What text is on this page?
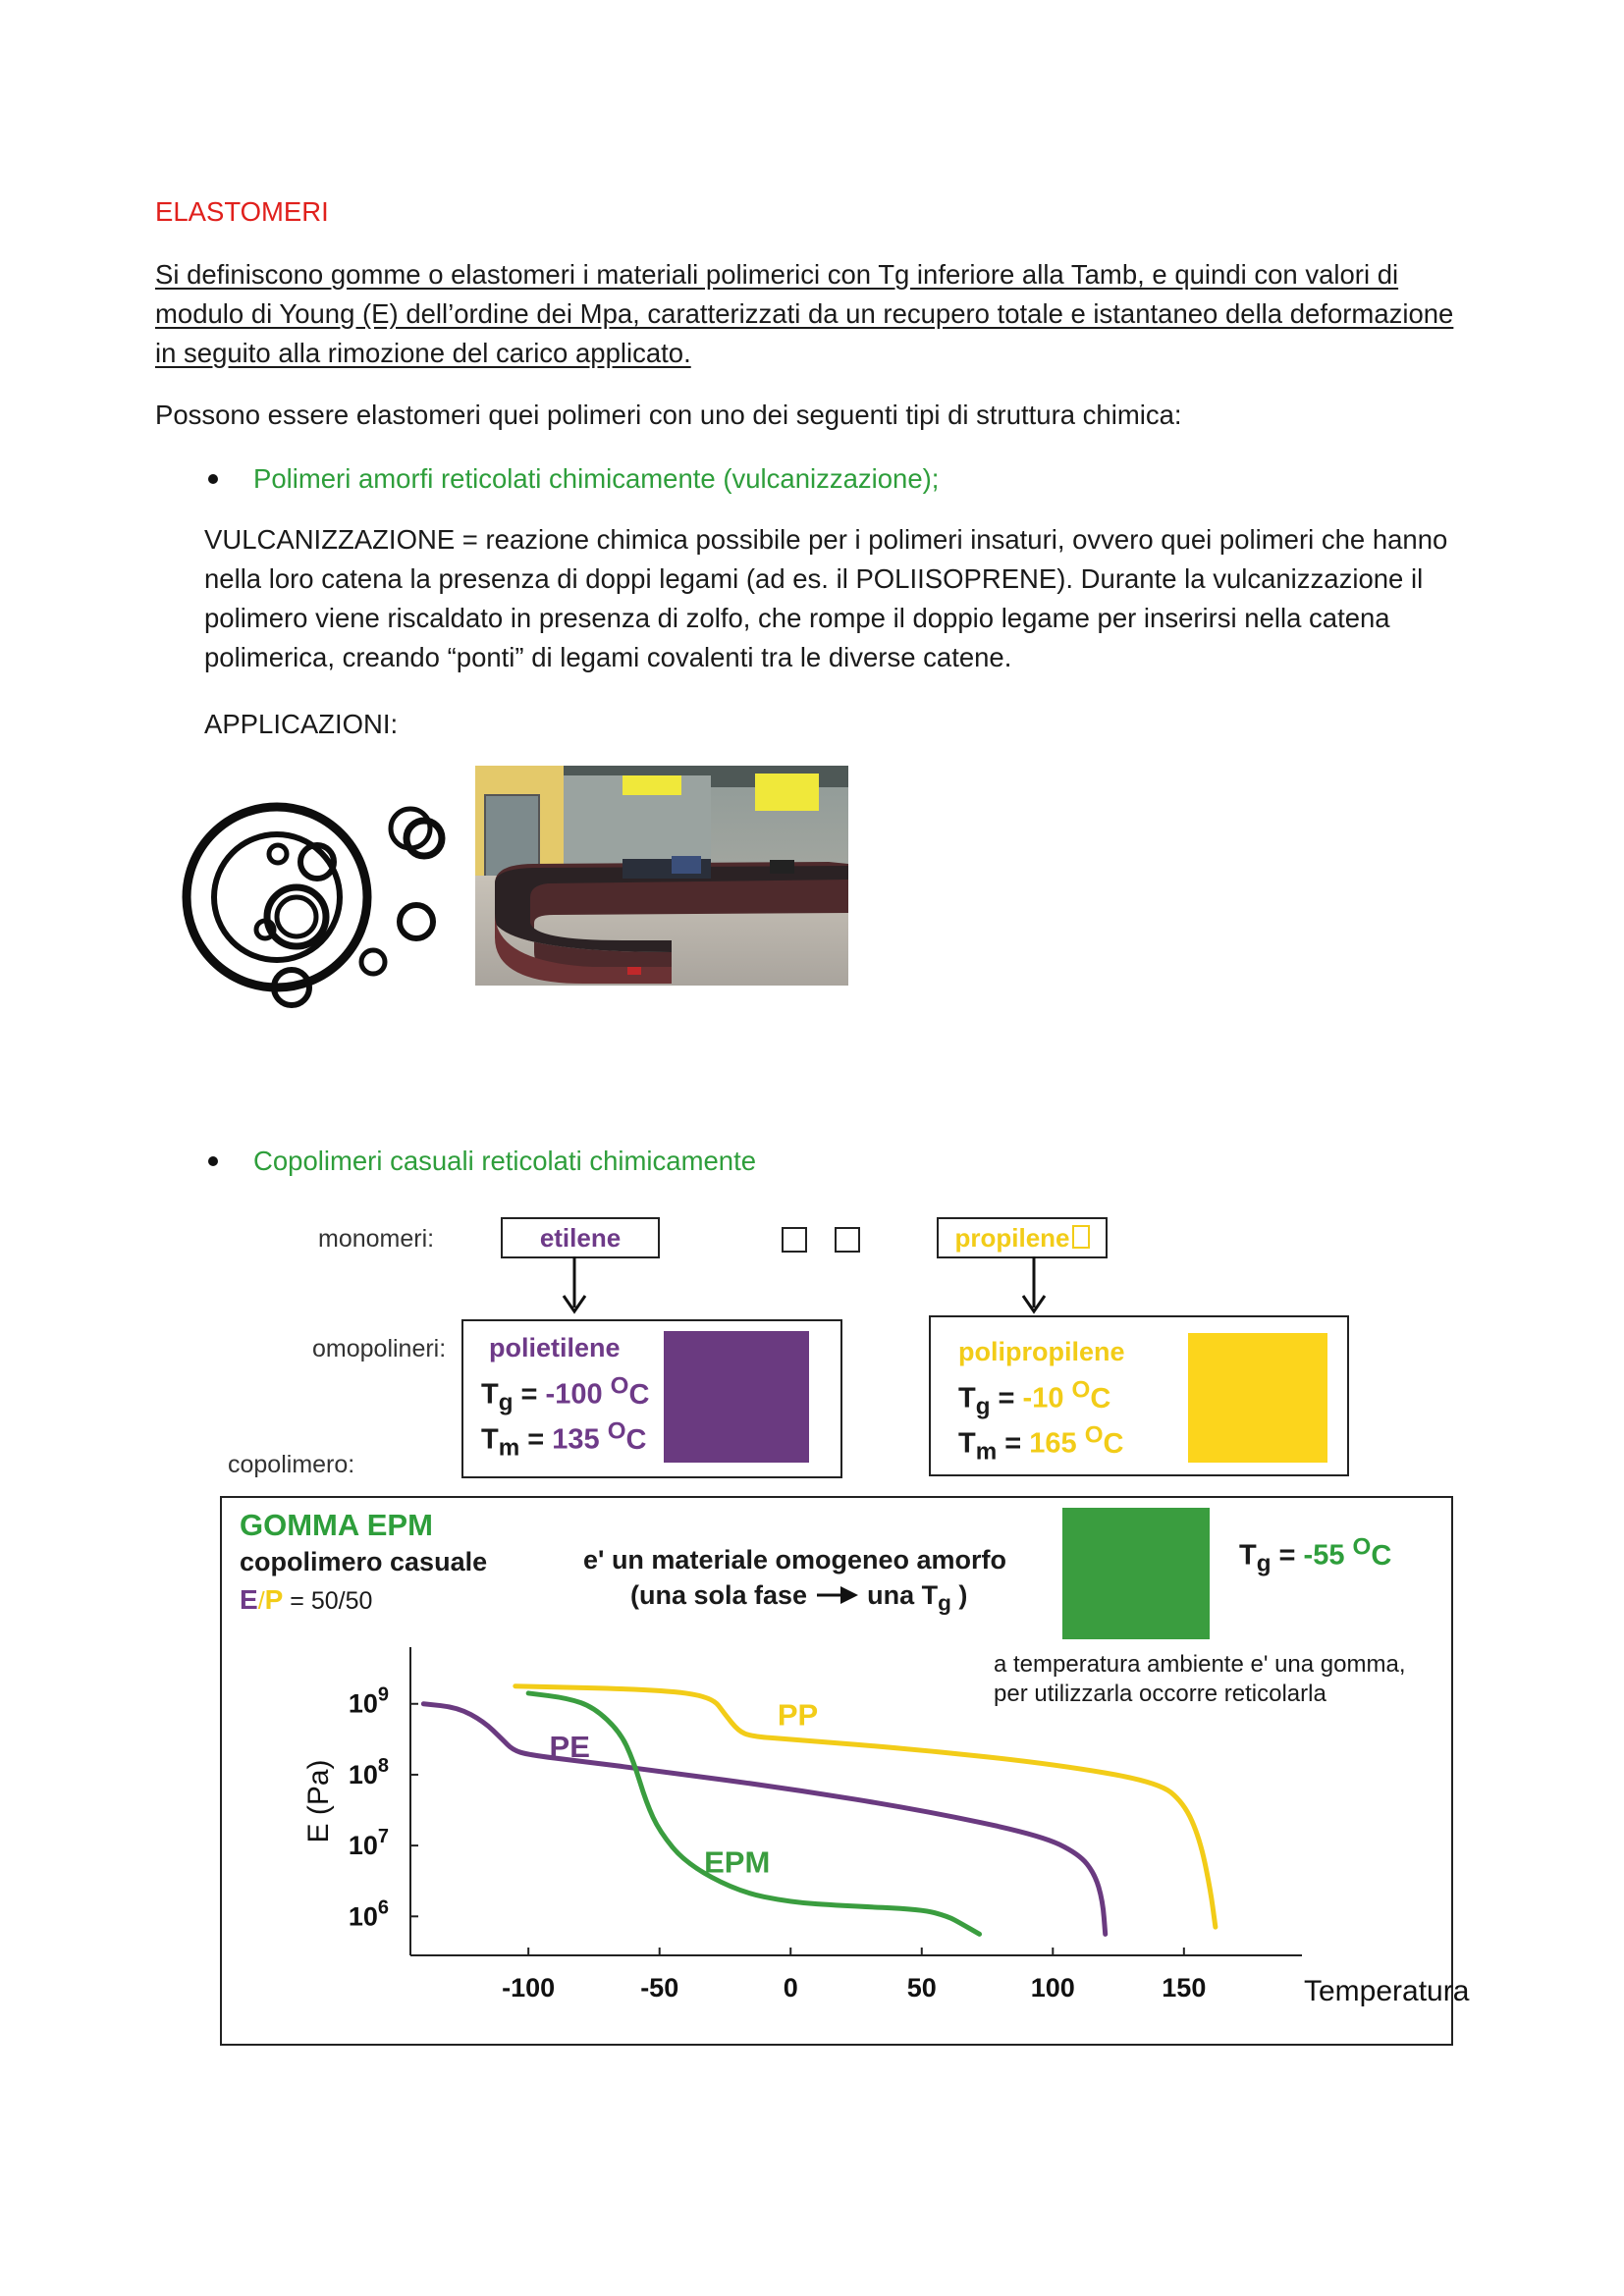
ELASTOMERI
Si definiscono gomme o elastomeri i materiali polimerici con Tg inferiore alla Tamb, e quindi con valori di modulo di Young (E) dell’ordine dei Mpa, caratterizzati da un recupero totale e istantaneo della deformazione in seguito alla rimozione del carico applicato.
Possono essere elastomeri quei polimeri con uno dei seguenti tipi di struttura chimica:
Polimeri amorfi reticolati chimicamente (vulcanizzazione);
VULCANIZZAZIONE = reazione chimica possibile per i polimeri insaturi, ovvero quei polimeri che hanno nella loro catena la presenza di doppi legami (ad es. il POLIISOPRENE). Durante la vulcanizzazione il polimero viene riscaldato in presenza di zolfo, che rompe il doppio legame per inserirsi nella catena polimerica, creando “ponti” di legami covalenti tra le diverse catene.
APPLICAZIONI:
Copolimeri casuali reticolati chimicamente
monomeri:	etilene	propilene
omopolineri: polietilene
$T_g = -100$ $^O$C
$T_m = 135$ $^O$C
polipropilene
$T_g = -10$ $^O$C
$T_m = 165$ $^O$C
copolimero:
GOMMA EPM
copolimero casuale
E/P = 50/50
e' un materiale omogeneo amorfo
(una sola fase una $T_g$ )
$T_g = -55$ $^O$C
a temperatura ambiente e' una gomma,
per utilizzarla occorre reticolarla
-100	-50	0	50	100	150
$10^9$
$10^8$
$10^7$
$10^6$
Temperatura
E (Pa)
PE
PP
EPM
